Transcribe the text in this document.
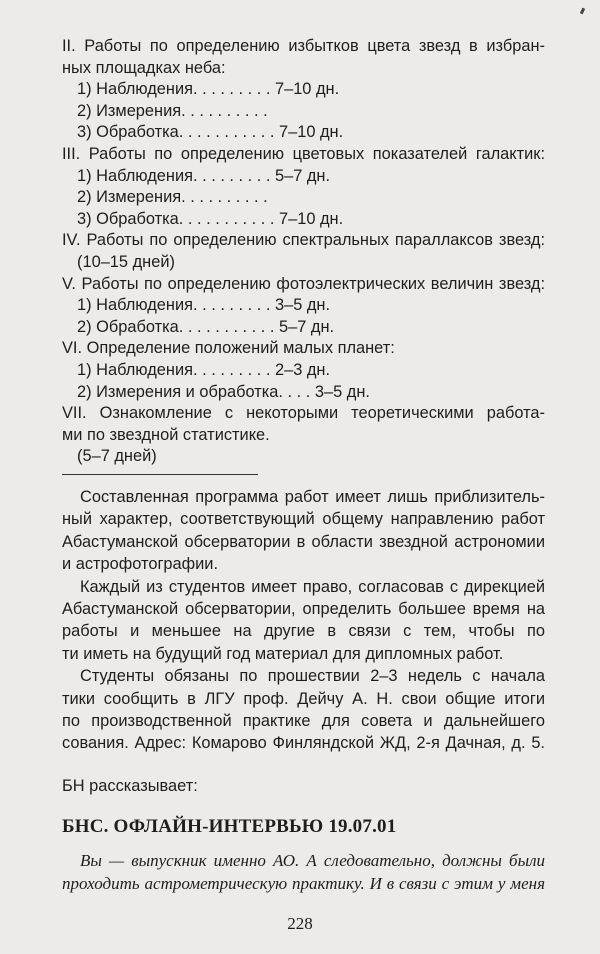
II. Работы по определению избытков цвета звезд в избран-
ных площадках неба:
1) Наблюдения. . . . . . . . . 7–10 дн.
2) Измерения. . . . . . . . . .
3) Обработка. . . . . . . . . . . 7–10 дн.
III. Работы по определению цветовых показателей галактик:
1) Наблюдения. . . . . . . . . 5–7 дн.
2) Измерения. . . . . . . . . .
3) Обработка. . . . . . . . . . . 7–10 дн.
IV. Работы по определению спектральных параллаксов звезд:
(10–15 дней)
V. Работы по определению фотоэлектрических величин звезд:
1) Наблюдения. . . . . . . . . 3–5 дн.
2) Обработка. . . . . . . . . . . 5–7 дн.
VI. Определение положений малых планет:
1) Наблюдения. . . . . . . . . 2–3 дн.
2) Измерения и обработка. . . . 3–5 дн.
VII. Ознакомление с некоторыми теоретическими работа-
ми по звездной статистике.
(5–7 дней)
Составленная программа работ имеет лишь приблизитель-
ный характер, соответствующий общему направлению работ
Абастуманской обсерватории в области звездной астрономии
и астрофотографии.
Каждый из студентов имеет право, согласовав с дирекцией
Абастуманской обсерватории, определить большее время на
работы и меньшее на другие в связи с тем, чтобы по
ти иметь на будущий год материал для дипломных работ.
Студенты обязаны по прошествии 2–3 недель с начала
тики сообщить в ЛГУ проф. Дейчу А. Н. свои общие итоги
по производственной практике для совета и дальнейшего
сования. Адрес: Комарово Финляндской ЖД, 2-я Дачная, д. 5.
БН рассказывает:
БНС. ОФЛАЙН-ИНТЕРВЬЮ 19.07.01
Вы — выпускник именно АО. А следовательно, должны были
проходить астрометрическую практику. И в связи с этим у меня
228
